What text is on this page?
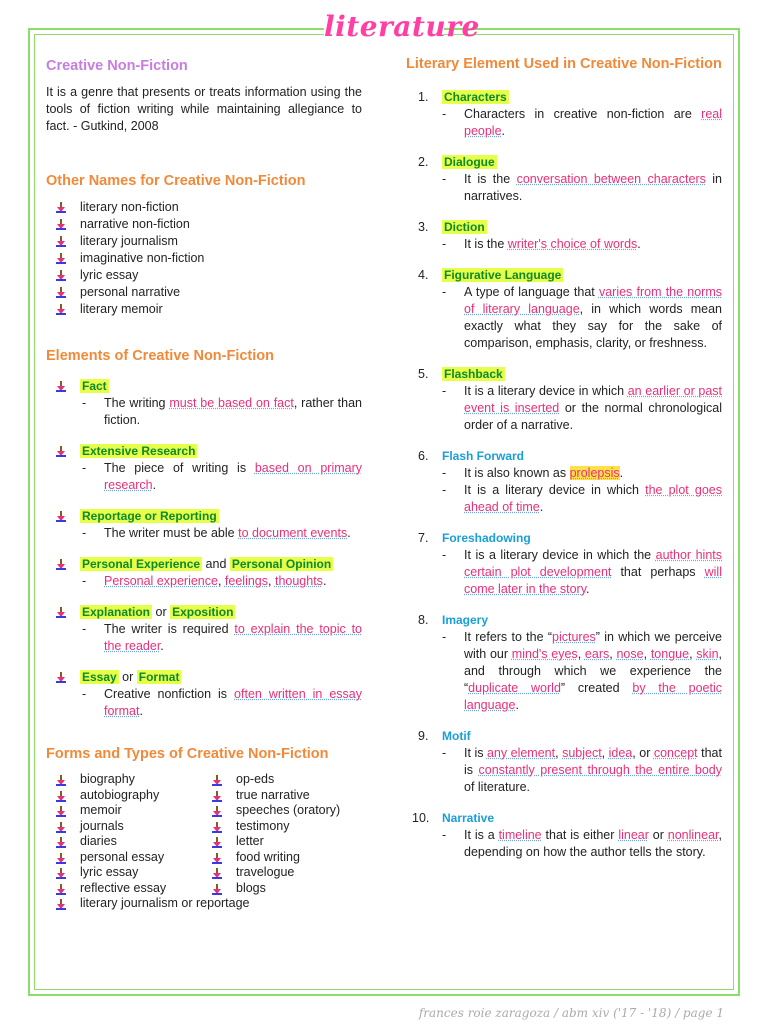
literature
Creative Non-Fiction

It is a genre that presents or treats information using the tools of fiction writing while maintaining allegiance to fact. - Gutkind, 2008

Other Names for Creative Non-Fiction
literary non-fiction
narrative non-fiction
literary journalism
imaginative non-fiction
lyric essay
personal narrative
literary memoir
Elements of Creative Non-Fiction
Fact
- The writing must be based on fact, rather than fiction.
Extensive Research
- The piece of writing is based on primary research.
Reportage or Reporting
- The writer must be able to document events.
Personal Experience and Personal Opinion
- Personal experience, feelings, thoughts.
Explanation or Exposition
- The writer is required to explain the topic to the reader.
Essay or Format
- Creative nonfiction is often written in essay format.
Forms and Types of Creative Non-Fiction
biography
autobiography
memoir
journals
diaries
personal essay
lyric essay
reflective essay
op-eds
true narrative
speeches (oratory)
testimony
letter
food writing
travelogue
blogs
literary journalism or reportage
Literary Element Used in Creative Non-Fiction
1. Characters
- Characters in creative non-fiction are real people.
2. Dialogue
- It is the conversation between characters in narratives.
3. Diction
- It is the writer's choice of words.
4. Figurative Language
- A type of language that varies from the norms of literary language, in which words mean exactly what they say for the sake of comparison, emphasis, clarity, or freshness.
5. Flashback
- It is a literary device in which an earlier or past event is inserted or the normal chronological order of a narrative.
6. Flash Forward
- It is also known as prolepsis.
- It is a literary device in which the plot goes ahead of time.
7. Foreshadowing
- It is a literary device in which the author hints certain plot development that perhaps will come later in the story.
8. Imagery
- It refers to the “pictures” in which we perceive with our mind's eyes, ears, nose, tongue, skin, and through which we experience the “duplicate world” created by the poetic language.
9. Motif
- It is any element, subject, idea, or concept that is constantly present through the entire body of literature.
10. Narrative
- It is a timeline that is either linear or nonlinear, depending on how the author tells the story.
frances roie zaragoza / abm xiv ('17 - '18) / page 1
